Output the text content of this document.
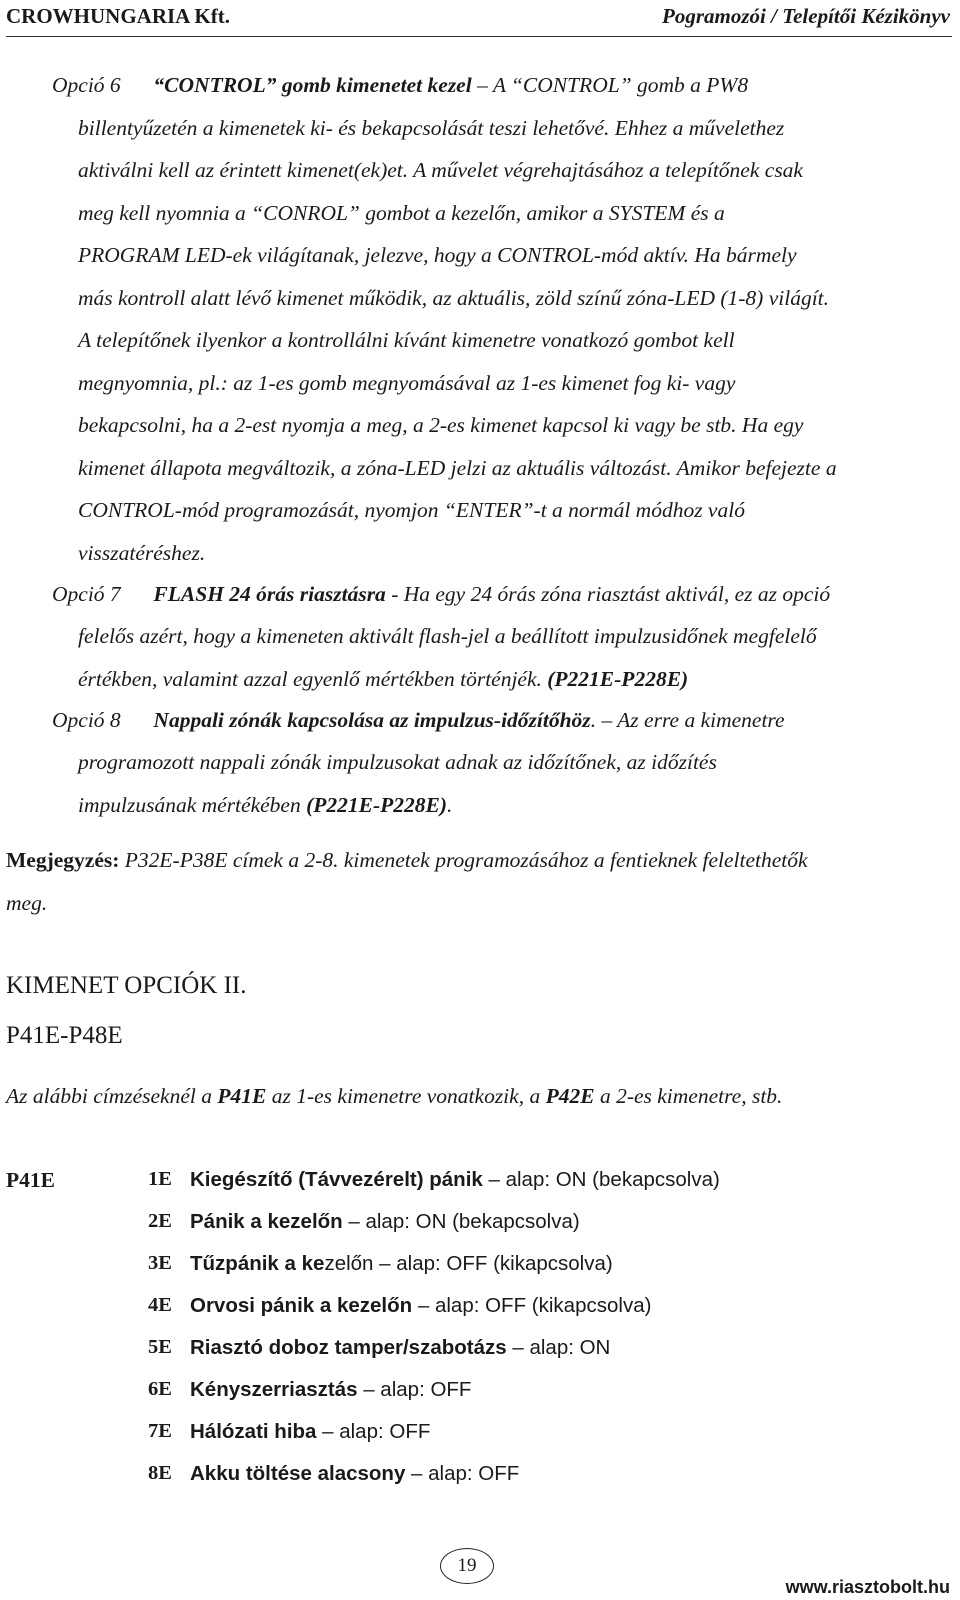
CROWHUNGARIA Kft.	Pogramozói / Telepítői Kézikönyv
Opció 6 “CONTROL” gomb kimenetet kezel – A “CONTROL” gomb a PW8
billentyűzetén a kimenetek ki- és bekapcsolását teszi lehetővé. Ehhez a művelethez
aktiválni kell az érintett kimenet(ek)et. A művelet végrehajtásához a telepítőnek csak
meg kell nyomnia a “CONROL” gombot a kezelőn, amikor a SYSTEM és a
PROGRAM LED-ek világítanak, jelezve, hogy a CONTROL-mód aktív. Ha bármely
más kontroll alatt lévő kimenet működik, az aktuális, zöld színű zóna-LED (1-8) világít.
A telepítőnek ilyenkor a kontrollálni kívánt kimenetre vonatkozó gombot kell
megnyomnia, pl.: az 1-es gomb megnyomásával az 1-es kimenet fog ki- vagy
bekapcsolni, ha a 2-est nyomja a meg, a 2-es kimenet kapcsol ki vagy be stb. Ha egy
kimenet állapota megváltozik, a zóna-LED jelzi az aktuális változást. Amikor befejezte a
CONTROL-mód programozását, nyomjon “ENTER”-t a normál módhoz való
visszatéréshez.
Opció 7 FLASH 24 órás riasztásra - Ha egy 24 órás zóna riasztást aktivál, ez az opció
felelős azért, hogy a kimeneten aktivált flash-jel a beállított impulzusidőnek megfelelő
értékben, valamint azzal egyenlő mértékben történjék. (P221E-P228E)
Opció 8 Nappali zónák kapcsolása az impulzus-időzítőhöz. – Az erre a kimenetre
programozott nappali zónák impulzusokat adnak az időzítőnek, az időzítés
impulzusának mértékében (P221E-P228E).
Megjegyzés: P32E-P38E címek a 2-8. kimenetek programozásához a fentieknek feleltethetők
meg.
KIMENET OPCIÓK II.
P41E-P48E
Az alábbi címzéseknél a P41E az 1-es kimenetre vonatkozik, a P42E a 2-es kimenetre, stb.
P41E	1E Kiegészítő (Távvezérelt) pánik – alap: ON (bekapcsolva)
2E Pánik a kezelőn – alap: ON (bekapcsolva)
3E Tűzpánik a kezelőn – alap: OFF (kikapcsolva)
4E Orvosi pánik a kezelőn – alap: OFF (kikapcsolva)
5E Riasztó doboz tamper/szabotázs – alap: ON
6E Kényszerriasztás – alap: OFF
7E Hálózati hiba – alap: OFF
8E Akku töltése alacsony – alap: OFF
19
www.riasztobolt.hu
